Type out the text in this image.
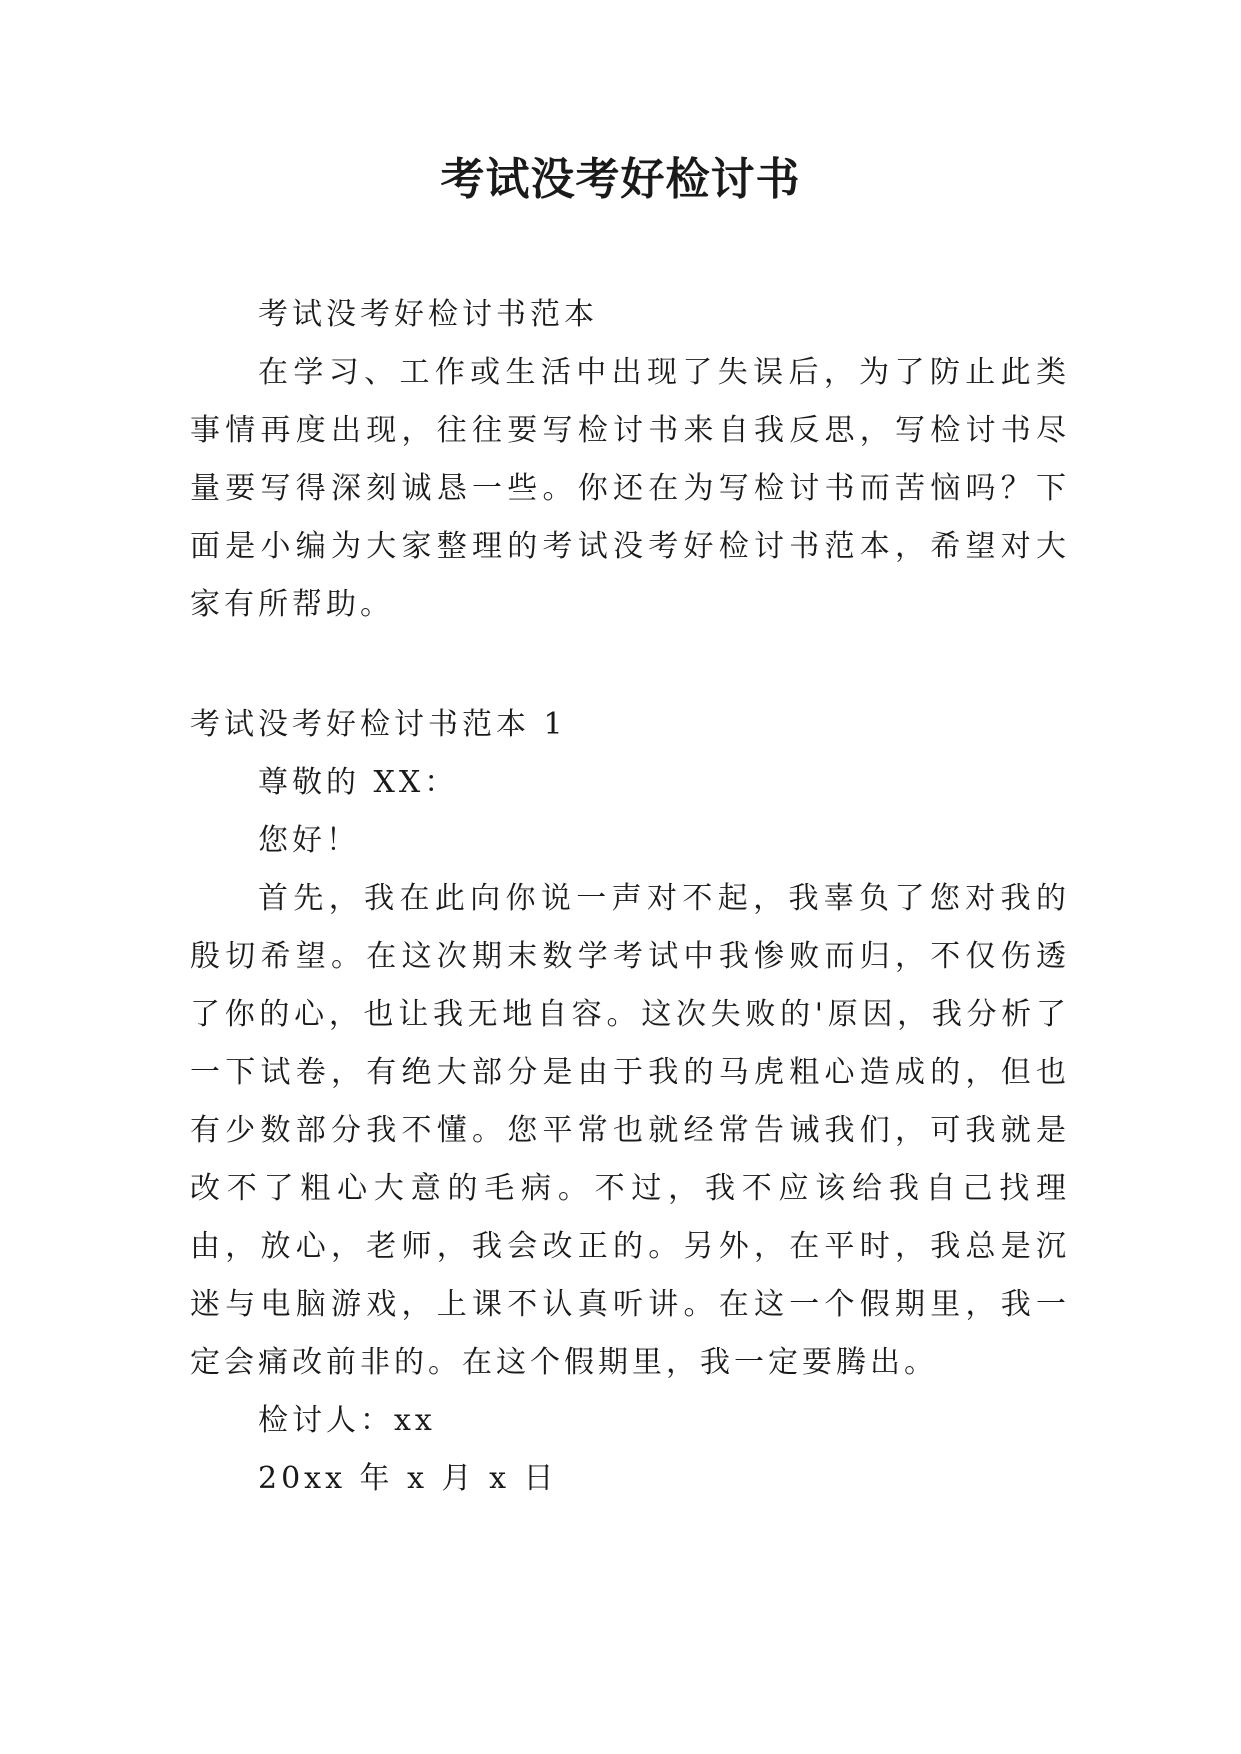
考试没考好检讨书

考试没考好检讨书范本

在学习、工作或生活中出现了失误后，为了防止此类事情再度出现，往往要写检讨书来自我反思，写检讨书尽量要写得深刻诚恳一些。你还在为写检讨书而苦恼吗？下面是小编为大家整理的考试没考好检讨书范本，希望对大家有所帮助。

考试没考好检讨书范本 1

尊敬的 XX：

您好！

首先，我在此向你说一声对不起，我辜负了您对我的殷切希望。在这次期末数学考试中我惨败而归，不仅伤透了你的心，也让我无地自容。这次失败的'原因，我分析了一下试卷，有绝大部分是由于我的马虎粗心造成的，但也有少数部分我不懂。您平常也就经常告诫我们，可我就是改不了粗心大意的毛病。不过，我不应该给我自己找理由，放心，老师，我会改正的。另外，在平时，我总是沉迷与电脑游戏，上课不认真听讲。在这一个假期里，我一定会痛改前非的。在这个假期里，我一定要腾出。

检讨人：xx

20xx 年 x 月 x 日
